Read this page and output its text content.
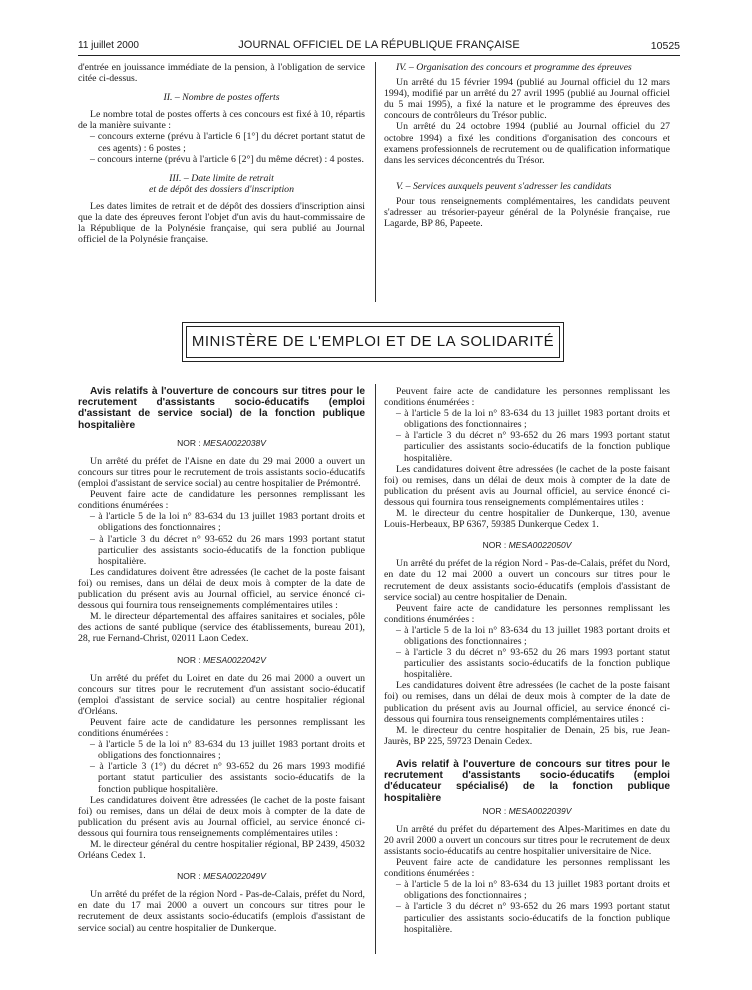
11 juillet 2000	JOURNAL OFFICIEL DE LA RÉPUBLIQUE FRANÇAISE	10525

d'entrée en jouissance immédiate de la pension, à l'obligation de service citée ci-dessus.

II. – Nombre de postes offerts

Le nombre total de postes offerts à ces concours est fixé à 10, répartis de la manière suivante :

– concours externe (prévu à l'article 6 [1°] du décret portant statut de ces agents) : 6 postes ;
– concours interne (prévu à l'article 6 [2°] du même décret) : 4 postes.
III. – Date limite de retrait
et de dépôt des dossiers d'inscription

Les dates limites de retrait et de dépôt des dossiers d'inscription ainsi que la date des épreuves feront l'objet d'un avis du haut-commissaire de la République de la Polynésie française, qui sera publié au Journal officiel de la Polynésie française.

IV. – Organisation des concours et programme des épreuves

Un arrêté du 15 février 1994 (publié au Journal officiel du 12 mars 1994), modifié par un arrêté du 27 avril 1995 (publié au Journal officiel du 5 mai 1995), a fixé la nature et le programme des épreuves des concours de contrôleurs du Trésor public.

Un arrêté du 24 octobre 1994 (publié au Journal officiel du 27 octobre 1994) a fixé les conditions d'organisation des concours et examens professionnels de recrutement ou de qualification informatique dans les services déconcentrés du Trésor.

V. – Services auxquels peuvent s'adresser les candidats

Pour tous renseignements complémentaires, les candidats peuvent s'adresser au trésorier-payeur général de la Polynésie française, rue Lagarde, BP 86, Papeete.

MINISTÈRE DE L'EMPLOI ET DE LA SOLIDARITÉ

Avis relatifs à l'ouverture de concours sur titres pour le recrutement d'assistants socio-éducatifs (emploi d'assistant de service social) de la fonction publique hospitalière

NOR : MESA0022038V

Un arrêté du préfet de l'Aisne en date du 29 mai 2000 a ouvert un concours sur titres pour le recrutement de trois assistants socio-éducatifs (emploi d'assistant de service social) au centre hospitalier de Prémontré.

Peuvent faire acte de candidature les personnes remplissant les conditions énumérées :

– à l'article 5 de la loi n° 83-634 du 13 juillet 1983 portant droits et obligations des fonctionnaires ;
– à l'article 3 du décret n° 93-652 du 26 mars 1993 portant statut particulier des assistants socio-éducatifs de la fonction publique hospitalière.

Les candidatures doivent être adressées (le cachet de la poste faisant foi) ou remises, dans un délai de deux mois à compter de la date de publication du présent avis au Journal officiel, au service énoncé ci-dessous qui fournira tous renseignements complémentaires utiles :

M. le directeur départemental des affaires sanitaires et sociales, pôle des actions de santé publique (service des établissements, bureau 201), 28, rue Fernand-Christ, 02011 Laon Cedex.

NOR : MESA0022042V

Un arrêté du préfet du Loiret en date du 26 mai 2000 a ouvert un concours sur titres pour le recrutement d'un assistant socio-éducatif (emploi d'assistant de service social) au centre hospitalier régional d'Orléans.

Peuvent faire acte de candidature les personnes remplissant les conditions énumérées :

– à l'article 5 de la loi n° 83-634 du 13 juillet 1983 portant droits et obligations des fonctionnaires ;
– à l'article 3 (1°) du décret n° 93-652 du 26 mars 1993 modifié portant statut particulier des assistants socio-éducatifs de la fonction publique hospitalière.

Les candidatures doivent être adressées (le cachet de la poste faisant foi) ou remises, dans un délai de deux mois à compter de la date de publication du présent avis au Journal officiel, au service énoncé ci-dessous qui fournira tous renseignements complémentaires utiles :

M. le directeur général du centre hospitalier régional, BP 2439, 45032 Orléans Cedex 1.

NOR : MESA0022049V

Un arrêté du préfet de la région Nord - Pas-de-Calais, préfet du Nord, en date du 17 mai 2000 a ouvert un concours sur titres pour le recrutement de deux assistants socio-éducatifs (emplois d'assistant de service social) au centre hospitalier de Dunkerque.

Peuvent faire acte de candidature les personnes remplissant les conditions énumérées :

– à l'article 5 de la loi n° 83-634 du 13 juillet 1983 portant droits et obligations des fonctionnaires ;
– à l'article 3 du décret n° 93-652 du 26 mars 1993 portant statut particulier des assistants socio-éducatifs de la fonction publique hospitalière.

Les candidatures doivent être adressées (le cachet de la poste faisant foi) ou remises, dans un délai de deux mois à compter de la date de publication du présent avis au Journal officiel, au service énoncé ci-dessous qui fournira tous renseignements complémentaires utiles :

M. le directeur du centre hospitalier de Dunkerque, 130, avenue Louis-Herbeaux, BP 6367, 59385 Dunkerque Cedex 1.

NOR : MESA0022050V

Un arrêté du préfet de la région Nord - Pas-de-Calais, préfet du Nord, en date du 12 mai 2000 a ouvert un concours sur titres pour le recrutement de deux assistants socio-éducatifs (emplois d'assistant de service social) au centre hospitalier de Denain.

Peuvent faire acte de candidature les personnes remplissant les conditions énumérées :

– à l'article 5 de la loi n° 83-634 du 13 juillet 1983 portant droits et obligations des fonctionnaires ;
– à l'article 3 du décret n° 93-652 du 26 mars 1993 portant statut particulier des assistants socio-éducatifs de la fonction publique hospitalière.

Les candidatures doivent être adressées (le cachet de la poste faisant foi) ou remises, dans un délai de deux mois à compter de la date de publication du présent avis au Journal officiel, au service énoncé ci-dessous qui fournira tous renseignements complémentaires utiles :

M. le directeur du centre hospitalier de Denain, 25 bis, rue Jean-Jaurès, BP 225, 59723 Denain Cedex.

Avis relatif à l'ouverture de concours sur titres pour le recrutement d'assistants socio-éducatifs (emploi d'éducateur spécialisé) de la fonction publique hospitalière

NOR : MESA0022039V

Un arrêté du préfet du département des Alpes-Maritimes en date du 20 avril 2000 a ouvert un concours sur titres pour le recrutement de deux assistants socio-éducatifs au centre hospitalier universitaire de Nice.

Peuvent faire acte de candidature les personnes remplissant les conditions énumérées :

– à l'article 5 de la loi n° 83-634 du 13 juillet 1983 portant droits et obligations des fonctionnaires ;
– à l'article 3 du décret n° 93-652 du 26 mars 1993 portant statut particulier des assistants socio-éducatifs de la fonction publique hospitalière.
